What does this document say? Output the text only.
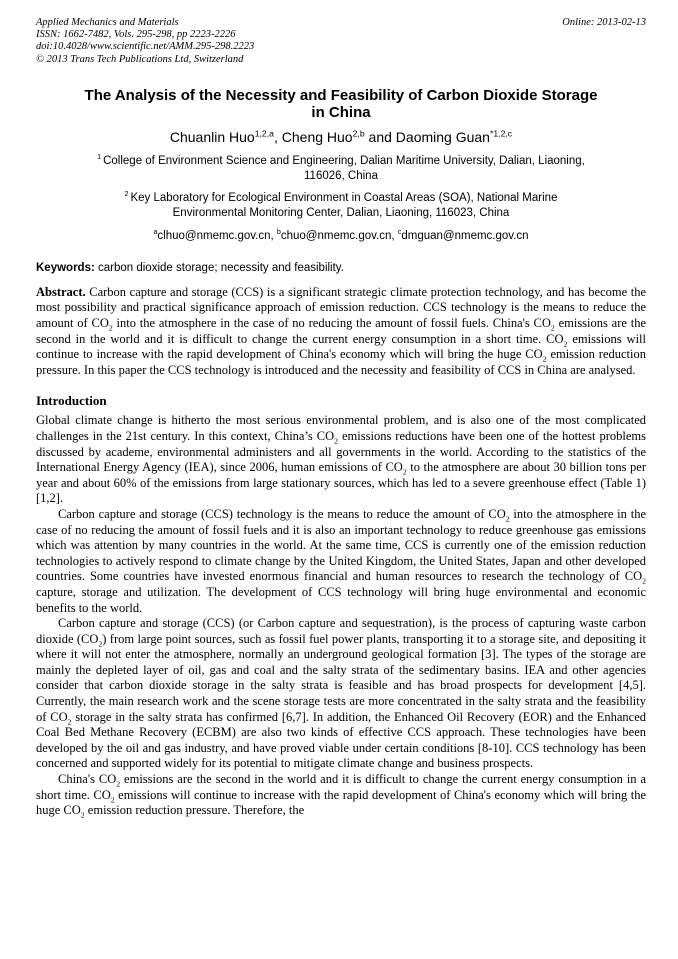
Applied Mechanics and Materials
ISSN: 1662-7482, Vols. 295-298, pp 2223-2226
doi:10.4028/www.scientific.net/AMM.295-298.2223
© 2013 Trans Tech Publications Ltd, Switzerland
Online: 2013-02-13
The Analysis of the Necessity and Feasibility of Carbon Dioxide Storage
in China
Chuanlin Huo$^{1,2,a}$, Cheng Huo$^{2,b}$ and Daoming Guan$^{*1,2,c}$
$^1$ College of Environment Science and Engineering, Dalian Maritime University, Dalian, Liaoning,
116026, China
$^2$ Key Laboratory for Ecological Environment in Coastal Areas (SOA), National Marine
Environmental Monitoring Center, Dalian, Liaoning, 116023, China
$^a$clhuo@nmemc.gov.cn, $^b$chuo@nmemc.gov.cn, $^c$dmguan@nmemc.gov.cn
Keywords: carbon dioxide storage; necessity and feasibility.

Abstract. Carbon capture and storage (CCS) is a significant strategic climate protection technology, and has become the most possibility and practical significance approach of emission reduction. CCS technology is the means to reduce the amount of $CO_2$ into the atmosphere in the case of no reducing the amount of fossil fuels. China's $CO_2$ emissions are the second in the world and it is difficult to change the current energy consumption in a short time. $CO_2$ emissions will continue to increase with the rapid development of China's economy which will bring the huge $CO_2$ emission reduction pressure. In this paper the CCS technology is introduced and the necessity and feasibility of CCS in China are analysed.

Introduction

Global climate change is hitherto the most serious environmental problem, and is also one of the most complicated challenges in the 21st century. In this context, China’s $CO_2$ emissions reductions have been one of the hottest problems discussed by academe, environmental administers and all governments in the world. According to the statistics of the International Energy Agency (IEA), since 2006, human emissions of $CO_2$ to the atmosphere are about 30 billion tons per year and about 60% of the emissions from large stationary sources, which has led to a severe greenhouse effect (Table 1) [1,2].

Carbon capture and storage (CCS) technology is the means to reduce the amount of $CO_2$ into the atmosphere in the case of no reducing the amount of fossil fuels and it is also an important technology to reduce greenhouse gas emissions which was attention by many countries in the world. At the same time, CCS is currently one of the emission reduction technologies to actively respond to climate change by the United Kingdom, the United States, Japan and other developed countries. Some countries have invested enormous financial and human resources to research the technology of $CO_2$ capture, storage and utilization. The development of CCS technology will bring huge environmental and economic benefits to the world.

Carbon capture and storage (CCS) (or Carbon capture and sequestration), is the process of capturing waste carbon dioxide $(CO_2)$ from large point sources, such as fossil fuel power plants, transporting it to a storage site, and depositing it where it will not enter the atmosphere, normally an underground geological formation [3]. The types of the storage are mainly the depleted layer of oil, gas and coal and the salty strata of the sedimentary basins. IEA and other agencies consider that carbon dioxide storage in the salty strata is feasible and has broad prospects for development [4,5]. Currently, the main research work and the scene storage tests are more concentrated in the salty strata and the feasibility of $CO_2$ storage in the salty strata has confirmed [6,7]. In addition, the Enhanced Oil Recovery (EOR) and the Enhanced Coal Bed Methane Recovery (ECBM) are also two kinds of effective CCS approach. These technologies have been developed by the oil and gas industry, and have proved viable under certain conditions [8-10]. CCS technology has been concerned and supported widely for its potential to mitigate climate change and business prospects.

China's $CO_2$ emissions are the second in the world and it is difficult to change the current energy consumption in a short time. $CO_2$ emissions will continue to increase with the rapid development of China's economy which will bring the huge $CO_2$ emission reduction pressure. Therefore, the
